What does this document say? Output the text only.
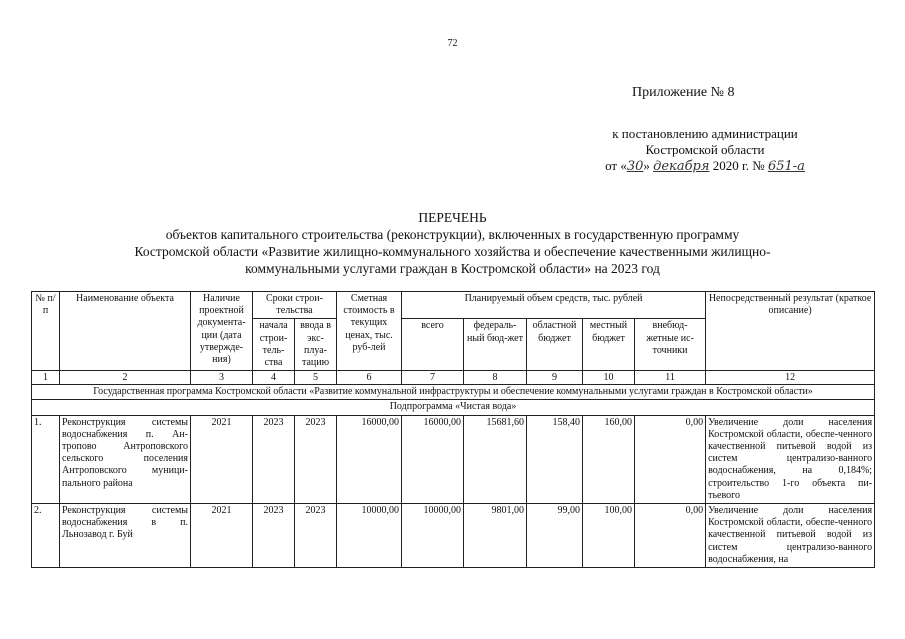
72
Приложение № 8
к постановлению администрации
Костромской области
от «30» декабря 2020 г. № 651-а
ПЕРЕЧЕНЬ
объектов капитального строительства (реконструкции), включенных в государственную программу
Костромской области «Развитие жилищно-коммунального хозяйства и обеспечение качественными жилищно-
коммунальными услугами граждан в Костромской области» на 2023 год
№ п/п	Наименование объекта	Наличие проектной документа-ции (дата утвержде-ния)	Сроки строи-тельства		Сметная стоимость в текущих ценах, тыс. руб-лей	Планируемый объем средств, тыс. рублей					Непосредственный результат (краткое описание)
			начала строи-тель-ства	ввода в экс-плуа-тацию		всего	федераль-ный бюд-жет	областной бюджет	местный бюджет	внебюд-жетные ис-точники	
1	2	3	4	5	6	7	8	9	10	11	12
Государственная программа Костромской области «Развитие коммунальной инфраструктуры и обеспечение коммунальными услугами граждан в Костромской области»											
Подпрограмма «Чистая вода»											
1.	Реконструкция системы водоснабжения п. Ан-тропово Антроповского сельского поселения Антроповского муници-пального района	2021	2023	2023	16000,00	16000,00	15681,60	158,40	160,00	0,00	Увеличение доли населения Костромской области, обеспе-ченного качественной питьевой водой из систем централизо-ванного водоснабжения, на 0,184%; строительство 1-го объекта пи-тьевого
2.	Реконструкция системы водоснабжения в п. Льнозавод г. Буй	2021	2023	2023	10000,00	10000,00	9801,00	99,00	100,00	0,00	Увеличение доли населения Костромской области, обеспе-ченного качественной питьевой водой из систем централизо-ванного водоснабжения, на
